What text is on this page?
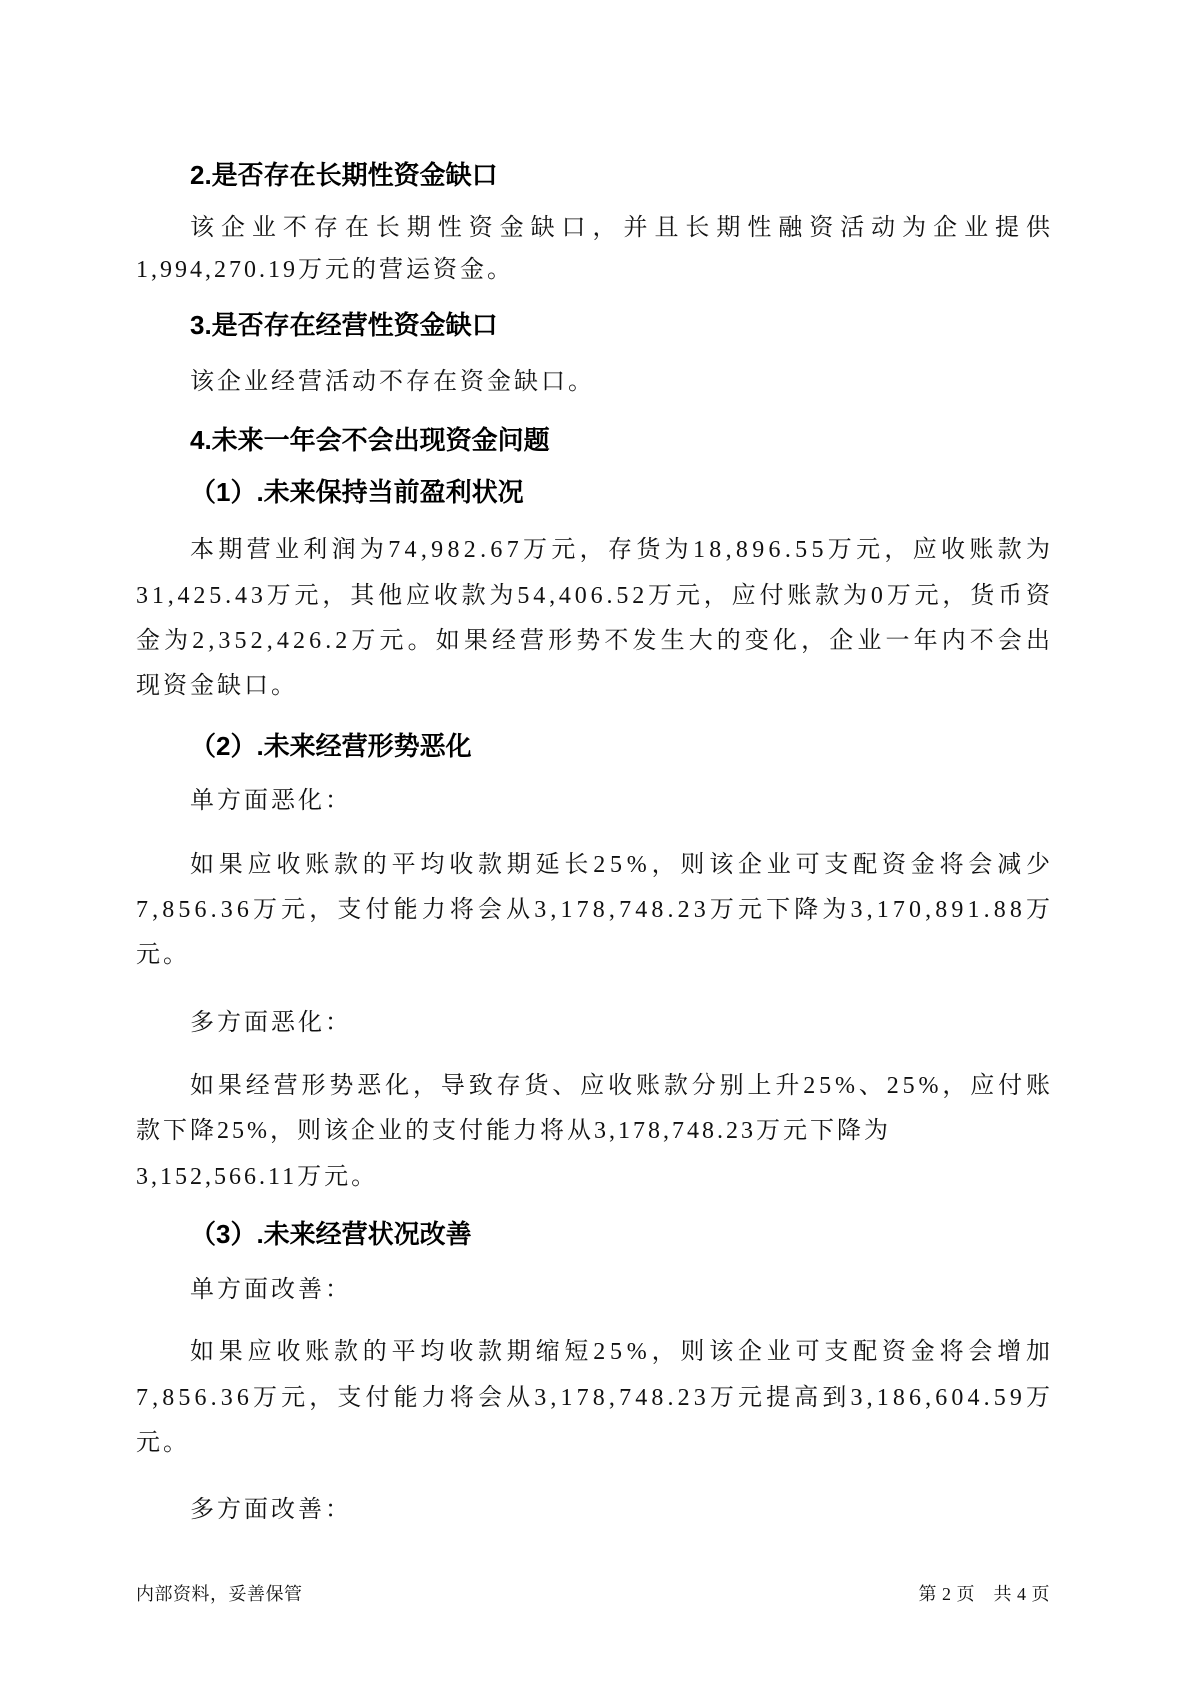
2.是否存在长期性资金缺口
该企业不存在长期性资金缺口，并且长期性融资活动为企业提供
1,994,270.19万元的营运资金。
3.是否存在经营性资金缺口
该企业经营活动不存在资金缺口。
4.未来一年会不会出现资金问题
（1）.未来保持当前盈利状况
本期营业利润为74,982.67万元，存货为18,896.55万元，应收账款为
31,425.43万元，其他应收款为54,406.52万元，应付账款为0万元，货币资
金为2,352,426.2万元。如果经营形势不发生大的变化，企业一年内不会出
现资金缺口。
（2）.未来经营形势恶化
单方面恶化：
如果应收账款的平均收款期延长25%，则该企业可支配资金将会减少
7,856.36万元，支付能力将会从3,178,748.23万元下降为3,170,891.88万
元。
多方面恶化：
如果经营形势恶化，导致存货、应收账款分别上升25%、25%，应付账
款下降25%，则该企业的支付能力将从3,178,748.23万元下降为
3,152,566.11万元。
（3）.未来经营状况改善
单方面改善：
如果应收账款的平均收款期缩短25%，则该企业可支配资金将会增加
7,856.36万元，支付能力将会从3,178,748.23万元提高到3,186,604.59万
元。
多方面改善：
内部资料，妥善保管	第 2 页　共 4 页
